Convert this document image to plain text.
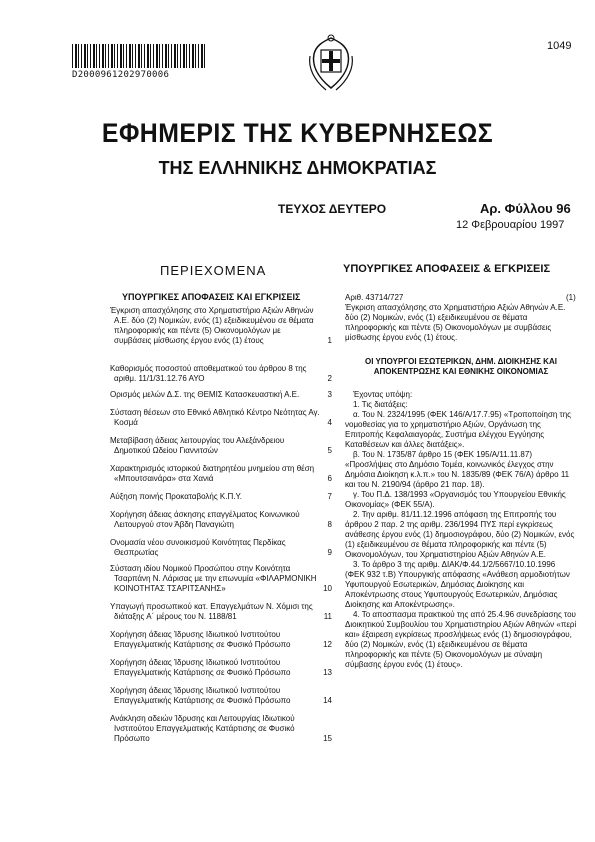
D2000961202970006
1049
ΕΦΗΜΕΡΙΣ ΤΗΣ ΚΥΒΕΡΝΗΣΕΩΣ
ΤΗΣ ΕΛΛΗΝΙΚΗΣ ΔΗΜΟΚΡΑΤΙΑΣ
ΤΕΥΧΟΣ ΔΕΥΤΕΡΟ	Αρ. Φύλλου 96
12 Φεβρουαρίου 1997
ΠΕΡΙΕΧΟΜΕΝΑ
ΥΠΟΥΡΓΙΚΕΣ ΑΠΟΦΑΣΕΙΣ ΚΑΙ ΕΓΚΡΙΣΕΙΣ
Έγκριση απασχόλησης στο Χρηματιστήριο Αξιών Αθηνών Α.Ε. δύο (2) Νομικών, ενός (1) εξειδικευμένου σε θέματα πληροφορικής και πέντε (5) Οικονομολόγων με συμβάσεις μίσθωσης έργου ενός (1) έτους	1
Καθορισμός ποσοστού αποθεματικού του άρθρου 8 της αριθμ. 11/1/31.12.76 ΑΥΟ	2
Ορισμός μελών Δ.Σ. της ΘΕΜΙΣ Κατασκευαστική Α.Ε.	3
Σύσταση θέσεων στο Εθνικό Αθλητικό Κέντρο Νεότητας Αγ. Κοσμά	4
Μεταβίβαση άδειας λειτουργίας του Αλεξάνδρειου Δημοτικού Ωδείου Γιαννιτσών	5
Χαρακτηρισμός ιστορικού διατηρητέου μνημείου στη θέση «Μπουτσαινάρα» στα Χανιά	6
Αύξηση ποινής Προκαταβολής Κ.Π.Υ.	7
Χορήγηση άδειας άσκησης επαγγέλματος Κοινωνικού Λειτουργού στον Άβδη Παναγιώτη	8
Ονομασία νέου συνοικισμού Κοινότητας Περδίκας Θεσπρωτίας	9
Σύσταση ιδίου Νομικού Προσώπου στην Κοινότητα Τσαρπάνη Ν. Λάρισας με την επωνυμία «ΦΙΛΑΡΜΟΝΙΚΗ ΚΟΙΝΟΤΗΤΑΣ ΤΣΑΡΙΤΣΑΝΗΣ»	10
Υπαγωγή προσωπικού κατ. Επαγγελμάτων Ν. Χόμισι της διάταξης Α΄ μέρους του Ν. 1188/81	11
Χορήγηση άδειας Ίδρυσης Ιδιωτικού Ινστιτούτου Επαγγελματικής Κατάρτισης σε Φυσικό Πρόσωπο	12
Χορήγηση άδειας Ίδρυσης Ιδιωτικού Ινστιτούτου Επαγγελματικής Κατάρτισης σε Φυσικό Πρόσωπο	13
Χορήγηση άδειας Ίδρυσης Ιδιωτικού Ινστιτούτου Επαγγελματικής Κατάρτισης σε Φυσικό Πρόσωπο	14
Ανάκληση αδειών Ίδρυσης και Λειτουργίας Ιδιωτικού Ινστιτούτου Επαγγελματικής Κατάρτισης σε Φυσικό Πρόσωπο	15
ΥΠΟΥΡΓΙΚΕΣ ΑΠΟΦΑΣΕΙΣ & ΕΓΚΡΙΣΕΙΣ
Αριθ. 43714/727	(1)
Έγκριση απασχόλησης στο Χρηματιστήριο Αξιών Αθηνών Α.Ε. δύο (2) Νομικών, ενός (1) εξειδικευμένου σε θέματα πληροφορικής και πέντε (5) Οικονομολόγων με συμβάσεις μίσθωσης έργου ενός (1) έτους.
ΟΙ ΥΠΟΥΡΓΟΙ ΕΣΩΤΕΡΙΚΩΝ, ΔΗΜ. ΔΙΟΙΚΗΣΗΣ ΚΑΙ ΑΠΟΚΕΝΤΡΩΣΗΣ ΚΑΙ ΕΘΝΙΚΗΣ ΟΙΚΟΝΟΜΙΑΣ

Έχοντας υπόψη:

1. Τις διατάξεις:

α. Του Ν. 2324/1995 (ΦΕΚ 146/Α/17.7.95) «Τροποποίηση της νομοθεσίας για το χρηματιστήριο Αξιών, Οργάνωση της Επιτροπής Κεφαλαιαγοράς, Συστήμα ελέγχου Εγγύησης Καταθέσεων και άλλες διατάξεις».

β. Του Ν. 1735/87 άρθρο 15 (ΦΕΚ 195/Α/11.11.87) «Προσλήψεις στο Δημόσιο Τομέα, κοινωνικός έλεγχος στην Δημόσια Διοίκηση κ.λ.π.» του Ν. 1835/89 (ΦΕΚ 76/Α) άρθρο 11 και του Ν. 2190/94 (άρθρο 21 παρ. 18).

γ. Του Π.Δ. 138/1993 «Οργανισμός του Υπουργείου Εθνικής Οικονομίας» (ΦΕΚ 55/Α).

2. Την αριθμ. 81/11.12.1996 απόφαση της Επιτροπής του άρθρου 2 παρ. 2 της αριθμ. 236/1994 ΠΥΣ περί εγκρίσεως ανάθεσης έργου ενός (1) δημοσιογράφου, δύο (2) Νομικών, ενός (1) εξειδικευμένου σε θέματα πληροφορικής και πέντε (5) Οικονομολόγων, του Χρηματιστηρίου Αξιών Αθηνών Α.Ε.

3. Το άρθρο 3 της αριθμ. ΔΙΑΚ/Φ.44.1/2/5667/10.10.1996 (ΦΕΚ 932 τ.Β) Υπουργικής απόφασης «Ανάθεση αρμοδιοτήτων Υφυπουργού Εσωτερικών, Δημόσιας Διοίκησης και Αποκέντρωσης στους Υφυπουργούς Εσωτερικών, Δημόσιας Διοίκησης και Αποκέντρωσης».

4. Το αποσπασμα πρακτικού της από 25.4.96 συνεδρίασης του Διοικητικού Συμβουλίου του Χρηματιστηρίου Αξιών Αθηνών «περί και» έξαιρεση εγκρίσεως προσλήψεως ενός (1) δημοσιογράφου, δύο (2) Νομικών, ενός (1) εξειδικευμένου σε θέματα πληροφορικής και πέντε (5) Οικονομολόγων με σύναψη σύμβασης έργου ενός (1) έτους».
